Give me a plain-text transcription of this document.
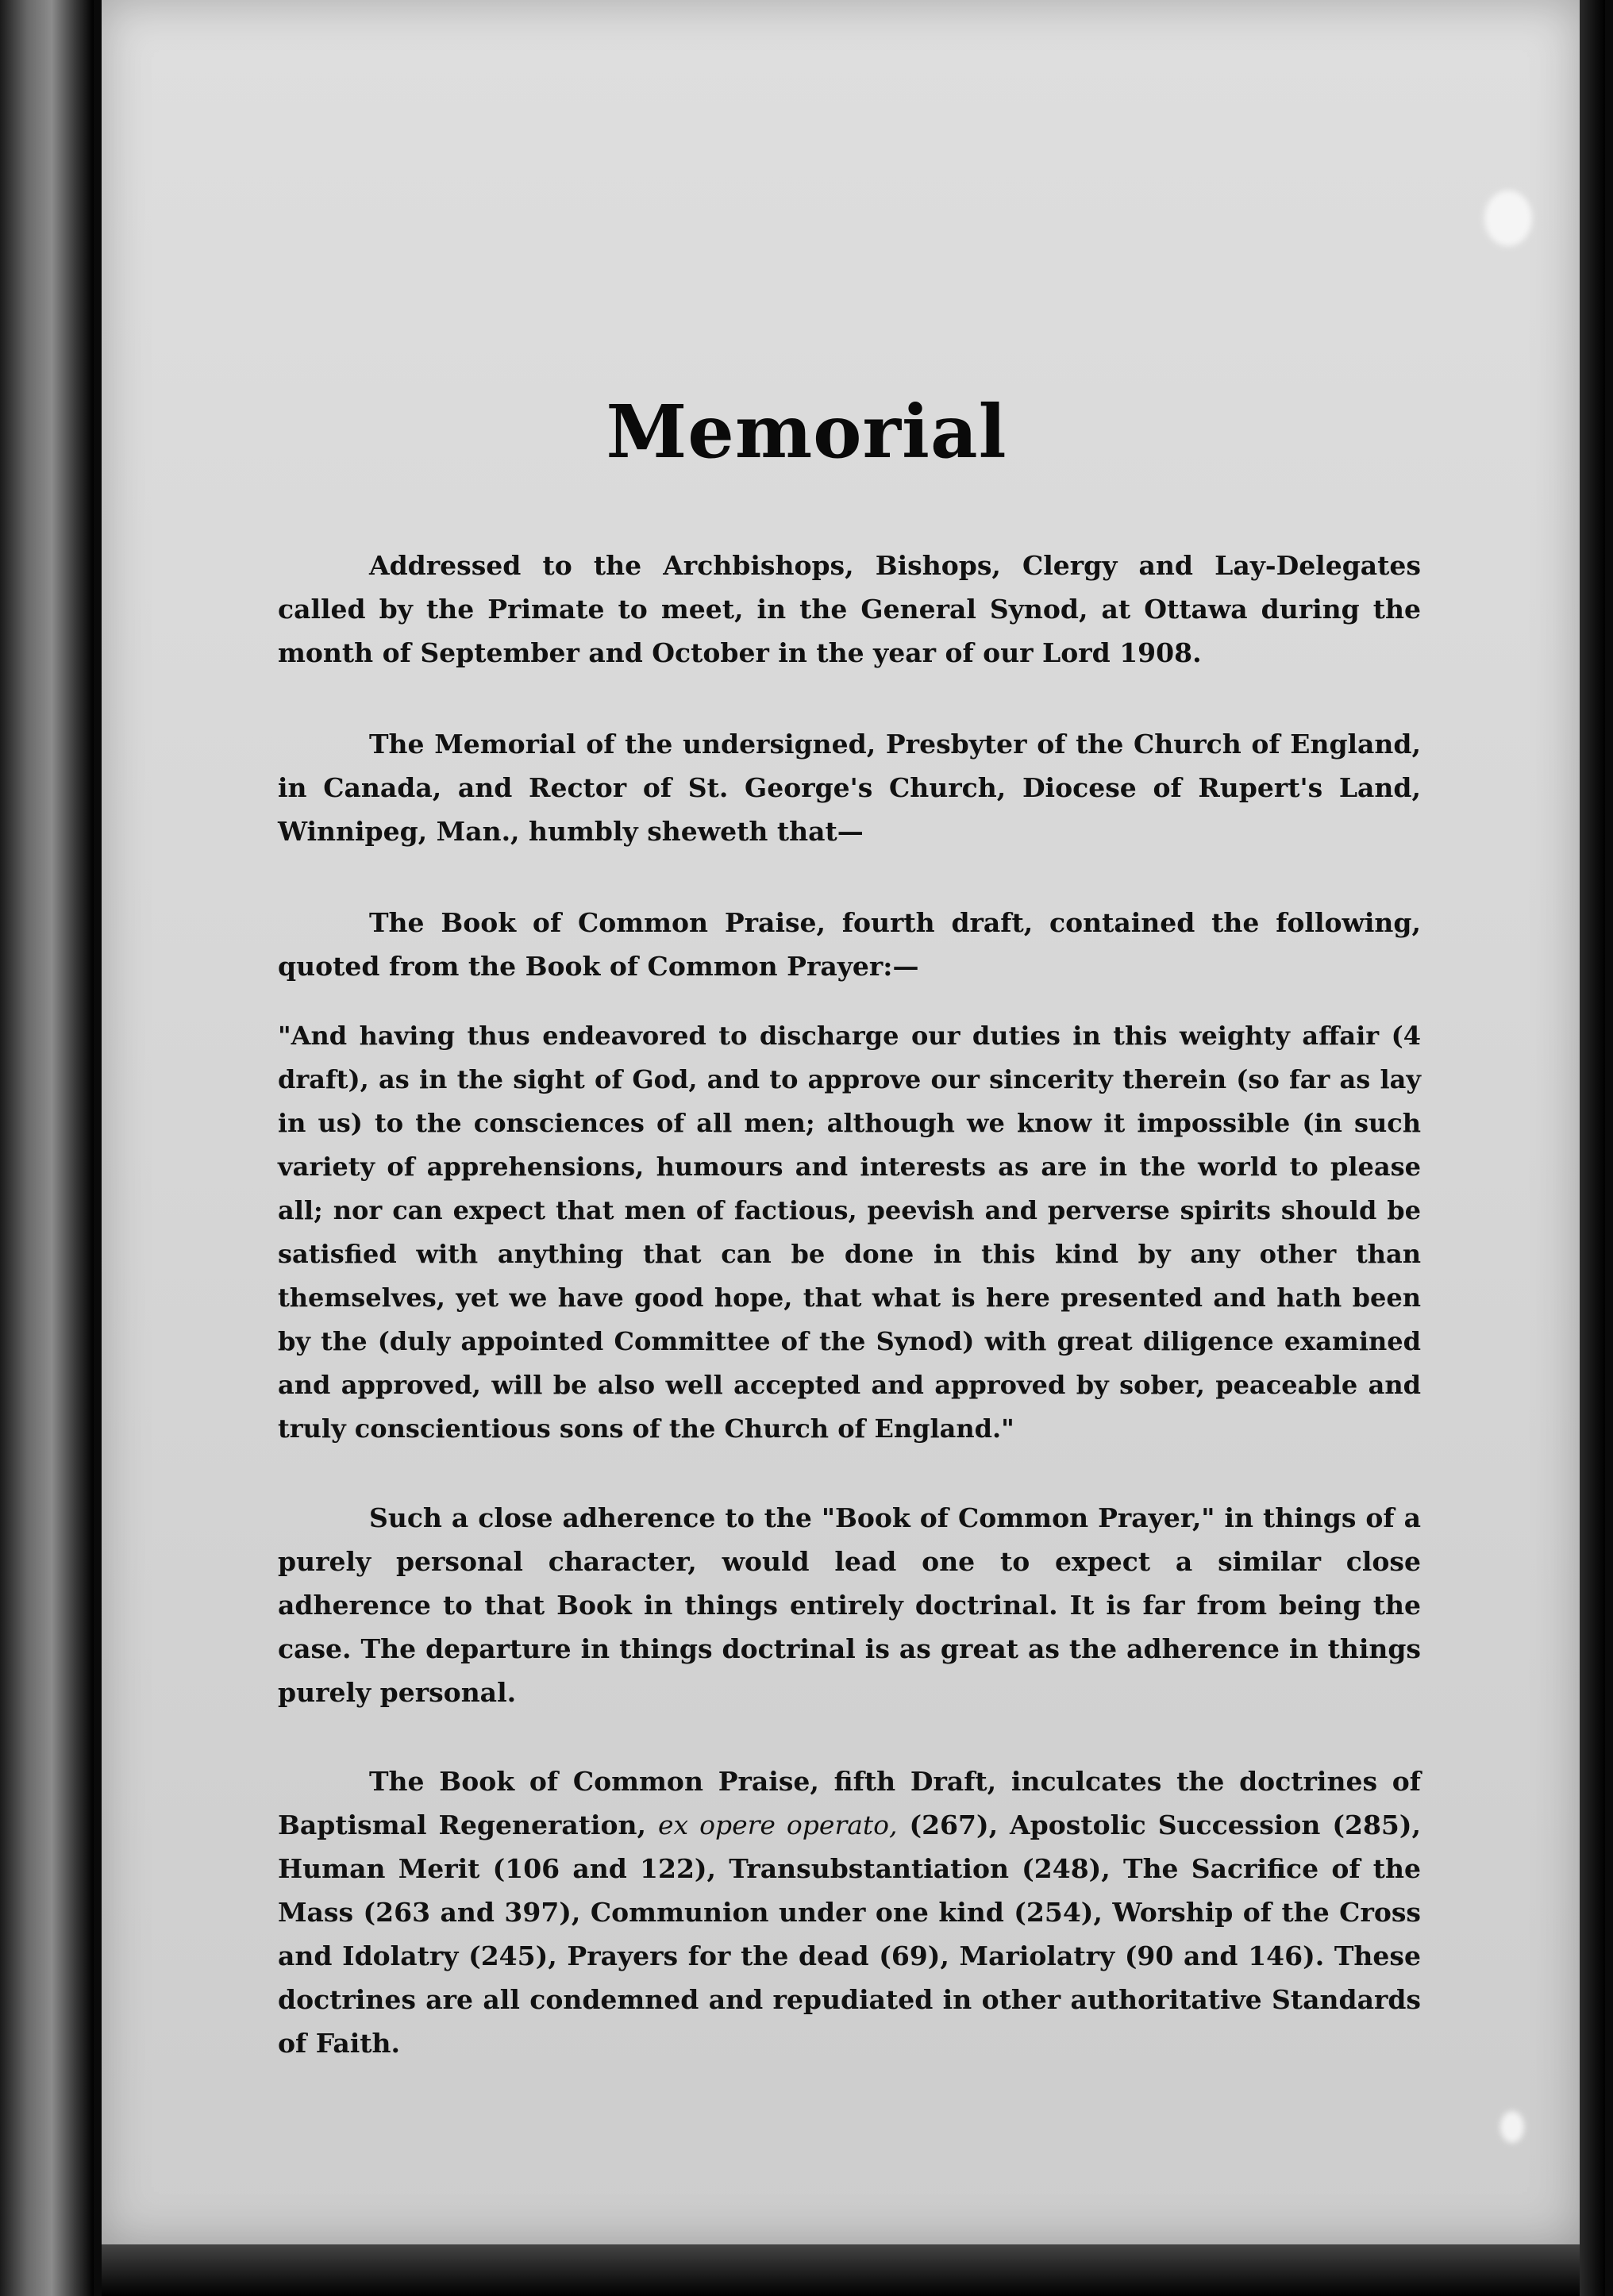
Memorial

Addressed to the Archbishops, Bishops, Clergy and Lay-Delegates called by the Primate to meet, in the General Synod, at Ottawa during the month of September and October in the year of our Lord 1908.

The Memorial of the undersigned, Presbyter of the Church of England, in Canada, and Rector of St. George's Church, Diocese of Rupert's Land, Winnipeg, Man., humbly sheweth that—

The Book of Common Praise, fourth draft, contained the following, quoted from the Book of Common Prayer:—

"And having thus endeavored to discharge our duties in this weighty affair (4 draft), as in the sight of God, and to approve our sincerity therein (so far as lay in us) to the consciences of all men; although we know it impossible (in such variety of apprehensions, humours and interests as are in the world to please all; nor can expect that men of factious, peevish and perverse spirits should be satisfied with anything that can be done in this kind by any other than themselves, yet we have good hope, that what is here presented and hath been by the (duly appointed Committee of the Synod) with great diligence examined and approved, will be also well accepted and approved by sober, peaceable and truly conscientious sons of the Church of England."

Such a close adherence to the "Book of Common Prayer," in things of a purely personal character, would lead one to expect a similar close adherence to that Book in things entirely doctrinal. It is far from being the case. The departure in things doctrinal is as great as the adherence in things purely personal.

The Book of Common Praise, fifth Draft, inculcates the doctrines of Baptismal Regeneration, ex opere operato, (267), Apostolic Succession (285), Human Merit (106 and 122), Transubstantiation (248), The Sacrifice of the Mass (263 and 397), Communion under one kind (254), Worship of the Cross and Idolatry (245), Prayers for the dead (69), Mariolatry (90 and 146). These doctrines are all condemned and repudiated in other authoritative Standards of Faith.
